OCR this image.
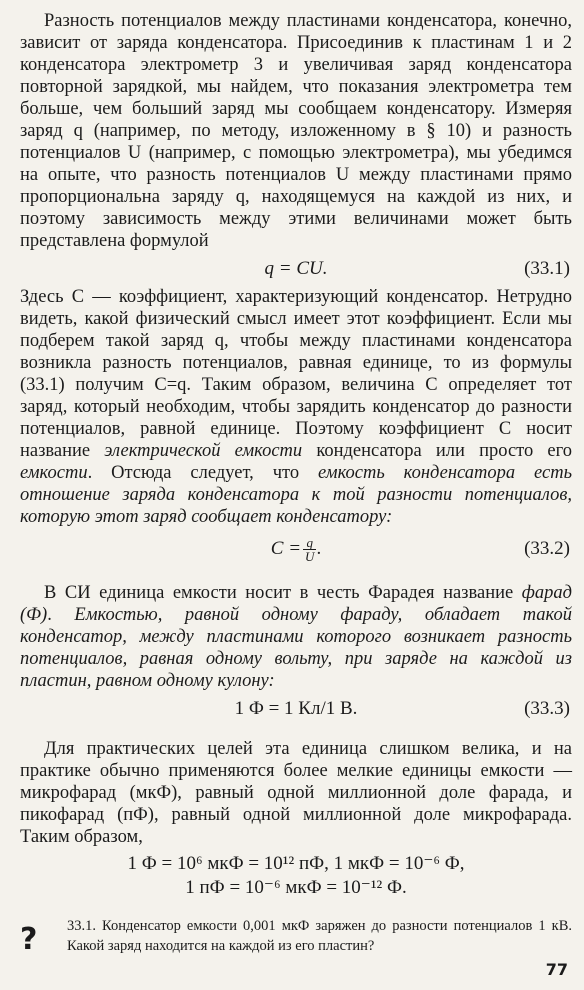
Разность потенциалов между пластинами конденсатора, конечно, зависит от заряда конденсатора. Присоединив к пластинам 1 и 2 конденсатора электрометр 3 и увеличивая заряд конденсатора повторной зарядкой, мы найдем, что показания электрометра тем больше, чем больший заряд мы сообщаем конденсатору. Измеряя заряд q (например, по методу, изложенному в § 10) и разность потенциалов U (например, с помощью электрометра), мы убедимся на опыте, что разность потенциалов U между пластинами прямо пропорциональна заряду q, находящемуся на каждой из них, и поэтому зависимость между этими величинами может быть представлена формулой

q = CU.	(33.1)

Здесь C — коэффициент, характеризующий конденсатор. Нетрудно видеть, какой физический смысл имеет этот коэффициент. Если мы подберем такой заряд q, чтобы между пластинами конденсатора возникла разность потенциалов, равная единице, то из формулы (33.1) получим C=q. Таким образом, величина C определяет тот заряд, который необходим, чтобы зарядить конденсатор до разности потенциалов, равной единице. Поэтому коэффициент C носит название электрической емкости конденсатора или просто его емкости. Отсюда следует, что емкость конденсатора есть отношение заряда конденсатора к той разности потенциалов, которую этот заряд сообщает конденсатору:

$C = \frac{q}{U}$ .	(33.2)

В СИ единица емкости носит в честь Фарадея название фарад (Ф). Емкостью, равной одному фараду, обладает такой конденсатор, между пластинами которого возникает разность потенциалов, равная одному вольту, при заряде на каждой из пластин, равном одному кулону:

1 Ф = 1 Кл/1 В.	(33.3)

Для практических целей эта единица слишком велика, и на практике обычно применяются более мелкие единицы емкости — микрофарад (мкФ), равный одной миллионной доле фарада, и пикофарад (пФ), равный одной миллионной доле микрофарада. Таким образом,

1 Ф = 10⁶ мкФ = 10¹² пФ, 1 мкФ = 10⁻⁶ Ф,
1 пФ = 10⁻⁶ мкФ = 10⁻¹² Ф.
? 33.1. Конденсатор емкости 0,001 мкФ заряжен до разности потенциалов 1 кВ. Какой заряд находится на каждой из его пластин?

77
